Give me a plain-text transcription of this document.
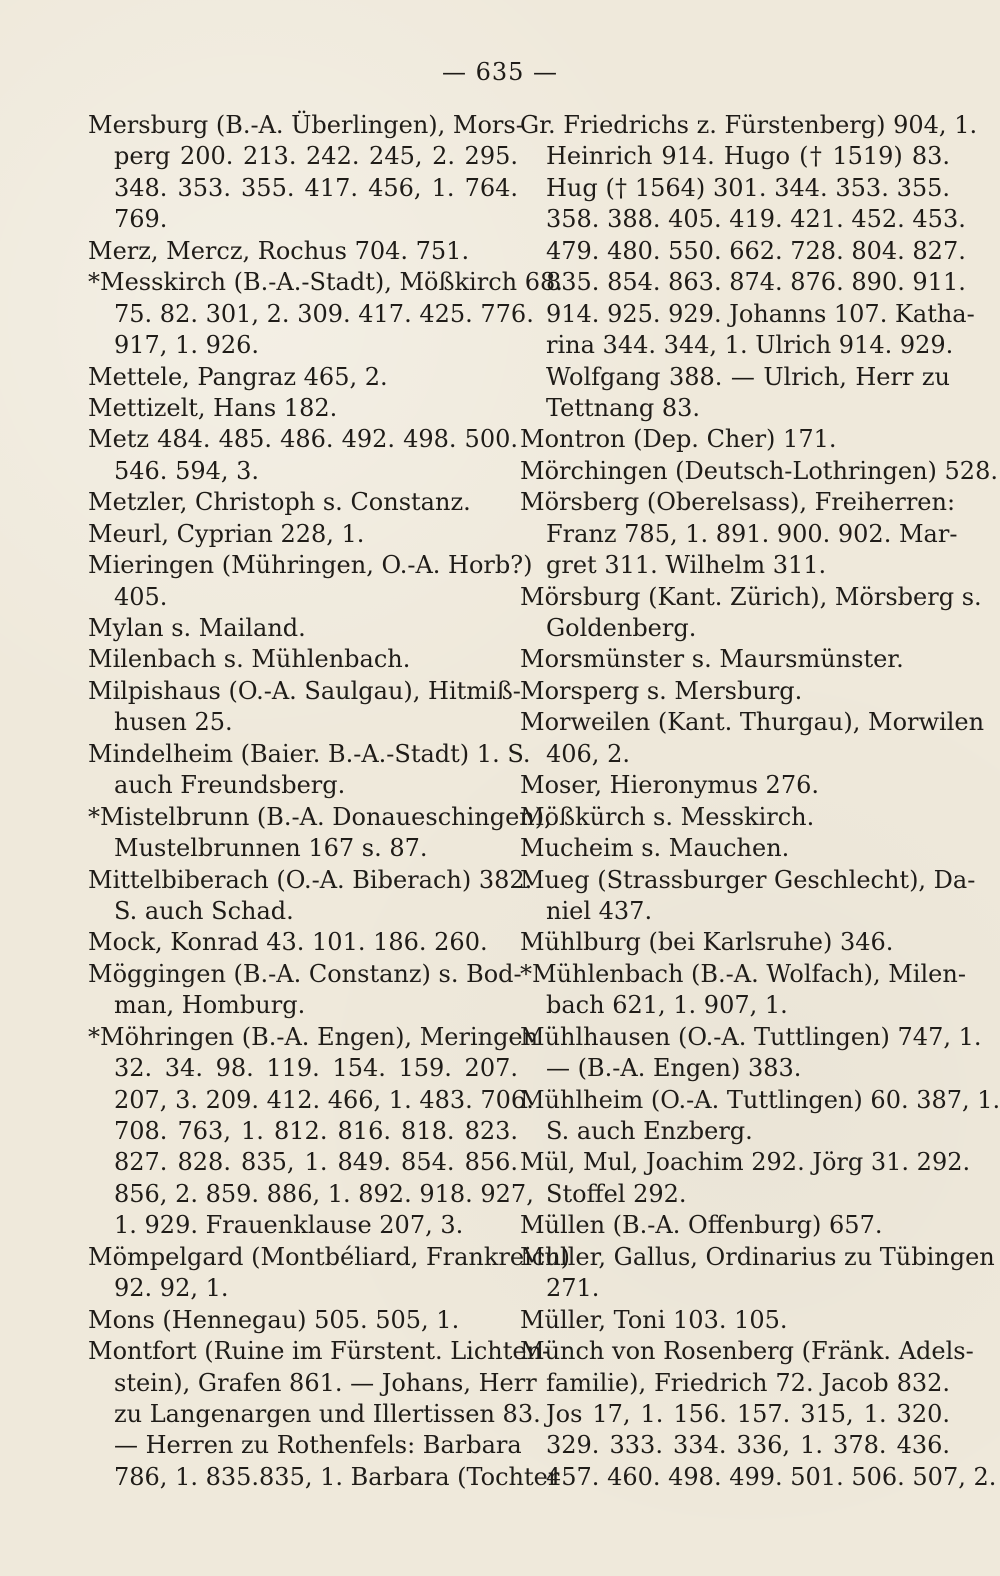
— 635 —
Mersburg (B.-A. Überlingen), Mors-
perg 200. 213. 242. 245, 2. 295.
348. 353. 355. 417. 456, 1. 764.
769.
Merz, Mercz, Rochus 704. 751.
*Messkirch (B.-A.-Stadt), Mößkirch 68.
75. 82. 301, 2. 309. 417. 425. 776.
917, 1. 926.
Mettele, Pangraz 465, 2.
Mettizelt, Hans 182.
Metz 484. 485. 486. 492. 498. 500.
546. 594, 3.
Metzler, Christoph s. Constanz.
Meurl, Cyprian 228, 1.
Mieringen (Mühringen, O.-A. Horb?)
405.
Mylan s. Mailand.
Milenbach s. Mühlenbach.
Milpishaus (O.-A. Saulgau), Hitmiß-
husen 25.
Mindelheim (Baier. B.-A.-Stadt) 1. S.
auch Freundsberg.
*Mistelbrunn (B.-A. Donaueschingen),
Mustelbrunnen 167 s. 87.
Mittelbiberach (O.-A. Biberach) 382.
S. auch Schad.
Mock, Konrad 43. 101. 186. 260.
Möggingen (B.-A. Constanz) s. Bod-
man, Homburg.
*Möhringen (B.-A. Engen), Meringen
32. 34. 98. 119. 154. 159. 207.
207, 3. 209. 412. 466, 1. 483. 706.
708. 763, 1. 812. 816. 818. 823.
827. 828. 835, 1. 849. 854. 856.
856, 2. 859. 886, 1. 892. 918. 927,
1. 929. Frauenklause 207, 3.
Mömpelgard (Montbéliard, Frankreich)
92. 92, 1.
Mons (Hennegau) 505. 505, 1.
Montfort (Ruine im Fürstent. Lichten-
stein), Grafen 861. — Johans, Herr
zu Langenargen und Illertissen 83.
— Herren zu Rothenfels: Barbara
786, 1. 835.835, 1. Barbara (Tochter
Gr. Friedrichs z. Fürstenberg) 904, 1.
Heinrich 914. Hugo († 1519) 83.
Hug († 1564) 301. 344. 353. 355.
358. 388. 405. 419. 421. 452. 453.
479. 480. 550. 662. 728. 804. 827.
835. 854. 863. 874. 876. 890. 911.
914. 925. 929. Johanns 107. Katha-
rina 344. 344, 1. Ulrich 914. 929.
Wolfgang 388. — Ulrich, Herr zu
Tettnang 83.
Montron (Dep. Cher) 171.
Mörchingen (Deutsch-Lothringen) 528.
Mörsberg (Oberelsass), Freiherren:
Franz 785, 1. 891. 900. 902. Mar-
gret 311. Wilhelm 311.
Mörsburg (Kant. Zürich), Mörsberg s.
Goldenberg.
Morsmünster s. Maursmünster.
Morsperg s. Mersburg.
Morweilen (Kant. Thurgau), Morwilen
406, 2.
Moser, Hieronymus 276.
Mößkürch s. Messkirch.
Mucheim s. Mauchen.
Mueg (Strassburger Geschlecht), Da-
niel 437.
Mühlburg (bei Karlsruhe) 346.
*Mühlenbach (B.-A. Wolfach), Milen-
bach 621, 1. 907, 1.
Mühlhausen (O.-A. Tuttlingen) 747, 1.
— (B.-A. Engen) 383.
Mühlheim (O.-A. Tuttlingen) 60. 387, 1.
S. auch Enzberg.
Mül, Mul, Joachim 292. Jörg 31. 292.
Stoffel 292.
Müllen (B.-A. Offenburg) 657.
Muller, Gallus, Ordinarius zu Tübingen
271.
Müller, Toni 103. 105.
Münch von Rosenberg (Fränk. Adels-
familie), Friedrich 72. Jacob 832.
Jos 17, 1. 156. 157. 315, 1. 320.
329. 333. 334. 336, 1. 378. 436.
457. 460. 498. 499. 501. 506. 507, 2.
